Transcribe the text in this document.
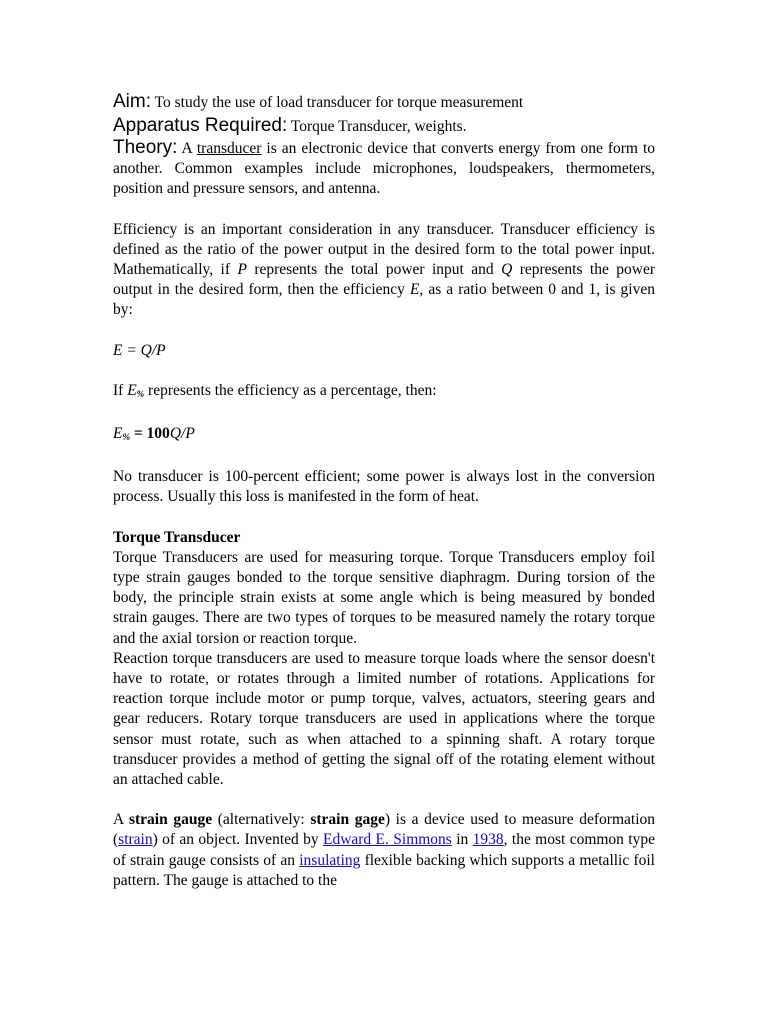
Aim: To study the use of load transducer for torque measurement

Apparatus Required: Torque Transducer, weights.

Theory: A transducer is an electronic device that converts energy from one form to another. Common examples include microphones, loudspeakers, thermometers, position and pressure sensors, and antenna.

Efficiency is an important consideration in any transducer. Transducer efficiency is defined as the ratio of the power output in the desired form to the total power input. Mathematically, if P represents the total power input and Q represents the power output in the desired form, then the efficiency E, as a ratio between 0 and 1, is given by:

E = Q/P

If $E_{\%}$ represents the efficiency as a percentage, then:

$E_{\%} = 100Q/P$

No transducer is 100-percent efficient; some power is always lost in the conversion process. Usually this loss is manifested in the form of heat.

Torque Transducer

Torque Transducers are used for measuring torque. Torque Transducers employ foil type strain gauges bonded to the torque sensitive diaphragm. During torsion of the body, the principle strain exists at some angle which is being measured by bonded strain gauges. There are two types of torques to be measured namely the rotary torque and the axial torsion or reaction torque.

Reaction torque transducers are used to measure torque loads where the sensor doesn't have to rotate, or rotates through a limited number of rotations. Applications for reaction torque include motor or pump torque, valves, actuators, steering gears and gear reducers. Rotary torque transducers are used in applications where the torque sensor must rotate, such as when attached to a spinning shaft. A rotary torque transducer provides a method of getting the signal off of the rotating element without an attached cable.

A strain gauge (alternatively: strain gage) is a device used to measure deformation (strain) of an object. Invented by Edward E. Simmons in 1938, the most common type of strain gauge consists of an insulating flexible backing which supports a metallic foil pattern. The gauge is attached to the
